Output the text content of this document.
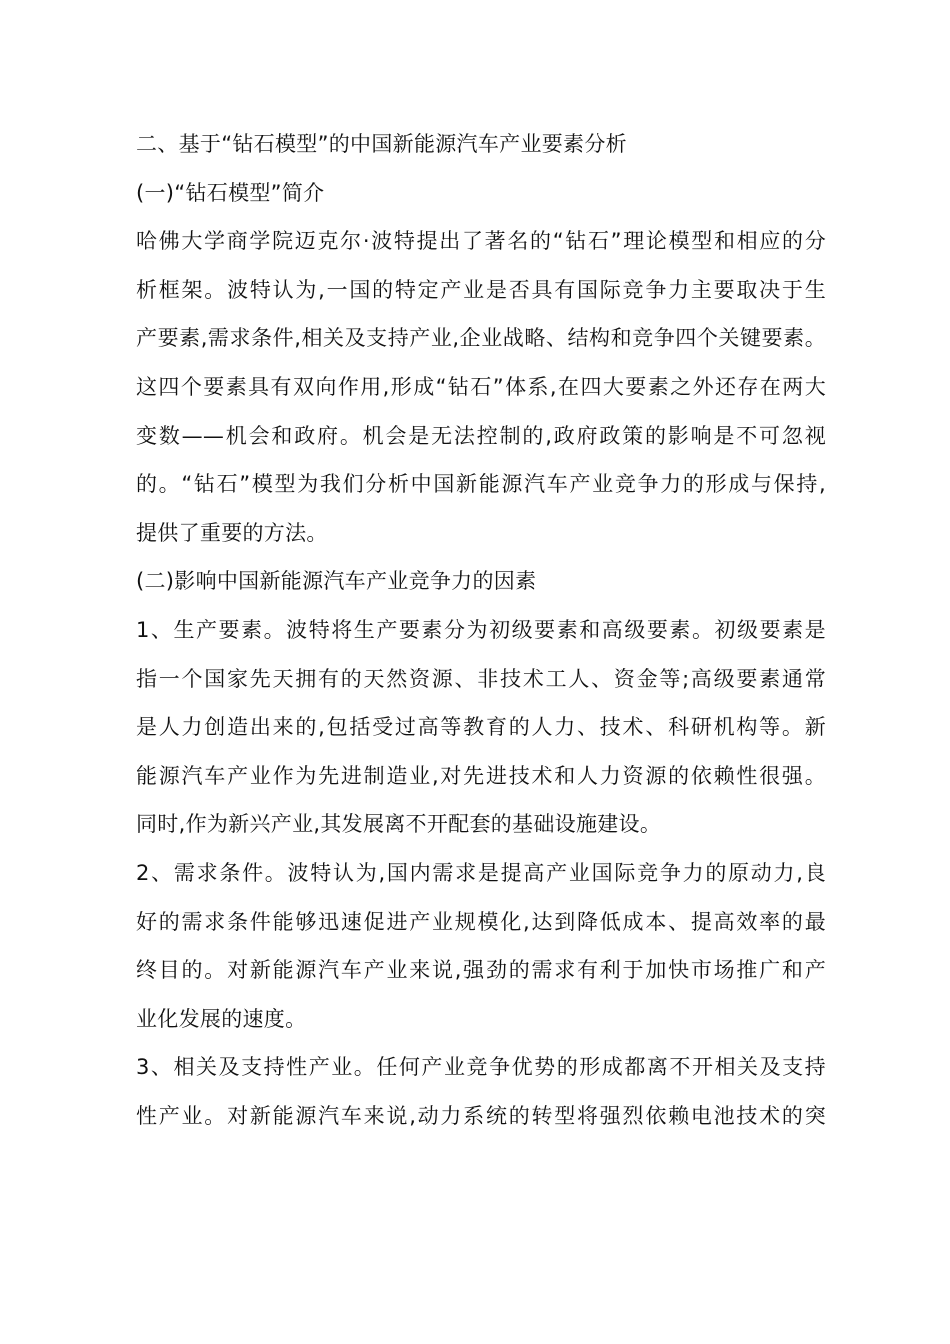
二、基于“钻石模型”的中国新能源汽车产业要素分析
(一)“钻石模型”简介
哈佛大学商学院迈克尔·波特提出了著名的“钻石”理论模型和相应的分
析框架。波特认为,一国的特定产业是否具有国际竞争力主要取决于生
产要素,需求条件,相关及支持产业,企业战略、结构和竞争四个关键要素。
这四个要素具有双向作用,形成“钻石”体系,在四大要素之外还存在两大
变数——机会和政府。机会是无法控制的,政府政策的影响是不可忽视
的。“钻石”模型为我们分析中国新能源汽车产业竞争力的形成与保持,
提供了重要的方法。
(二)影响中国新能源汽车产业竞争力的因素
1、生产要素。波特将生产要素分为初级要素和高级要素。初级要素是
指一个国家先天拥有的天然资源、非技术工人、资金等;高级要素通常
是人力创造出来的,包括受过高等教育的人力、技术、科研机构等。新
能源汽车产业作为先进制造业,对先进技术和人力资源的依赖性很强。
同时,作为新兴产业,其发展离不开配套的基础设施建设。
2、需求条件。波特认为,国内需求是提高产业国际竞争力的原动力,良
好的需求条件能够迅速促进产业规模化,达到降低成本、提高效率的最
终目的。对新能源汽车产业来说,强劲的需求有利于加快市场推广和产
业化发展的速度。
3、相关及支持性产业。任何产业竞争优势的形成都离不开相关及支持
性产业。对新能源汽车来说,动力系统的转型将强烈依赖电池技术的突
